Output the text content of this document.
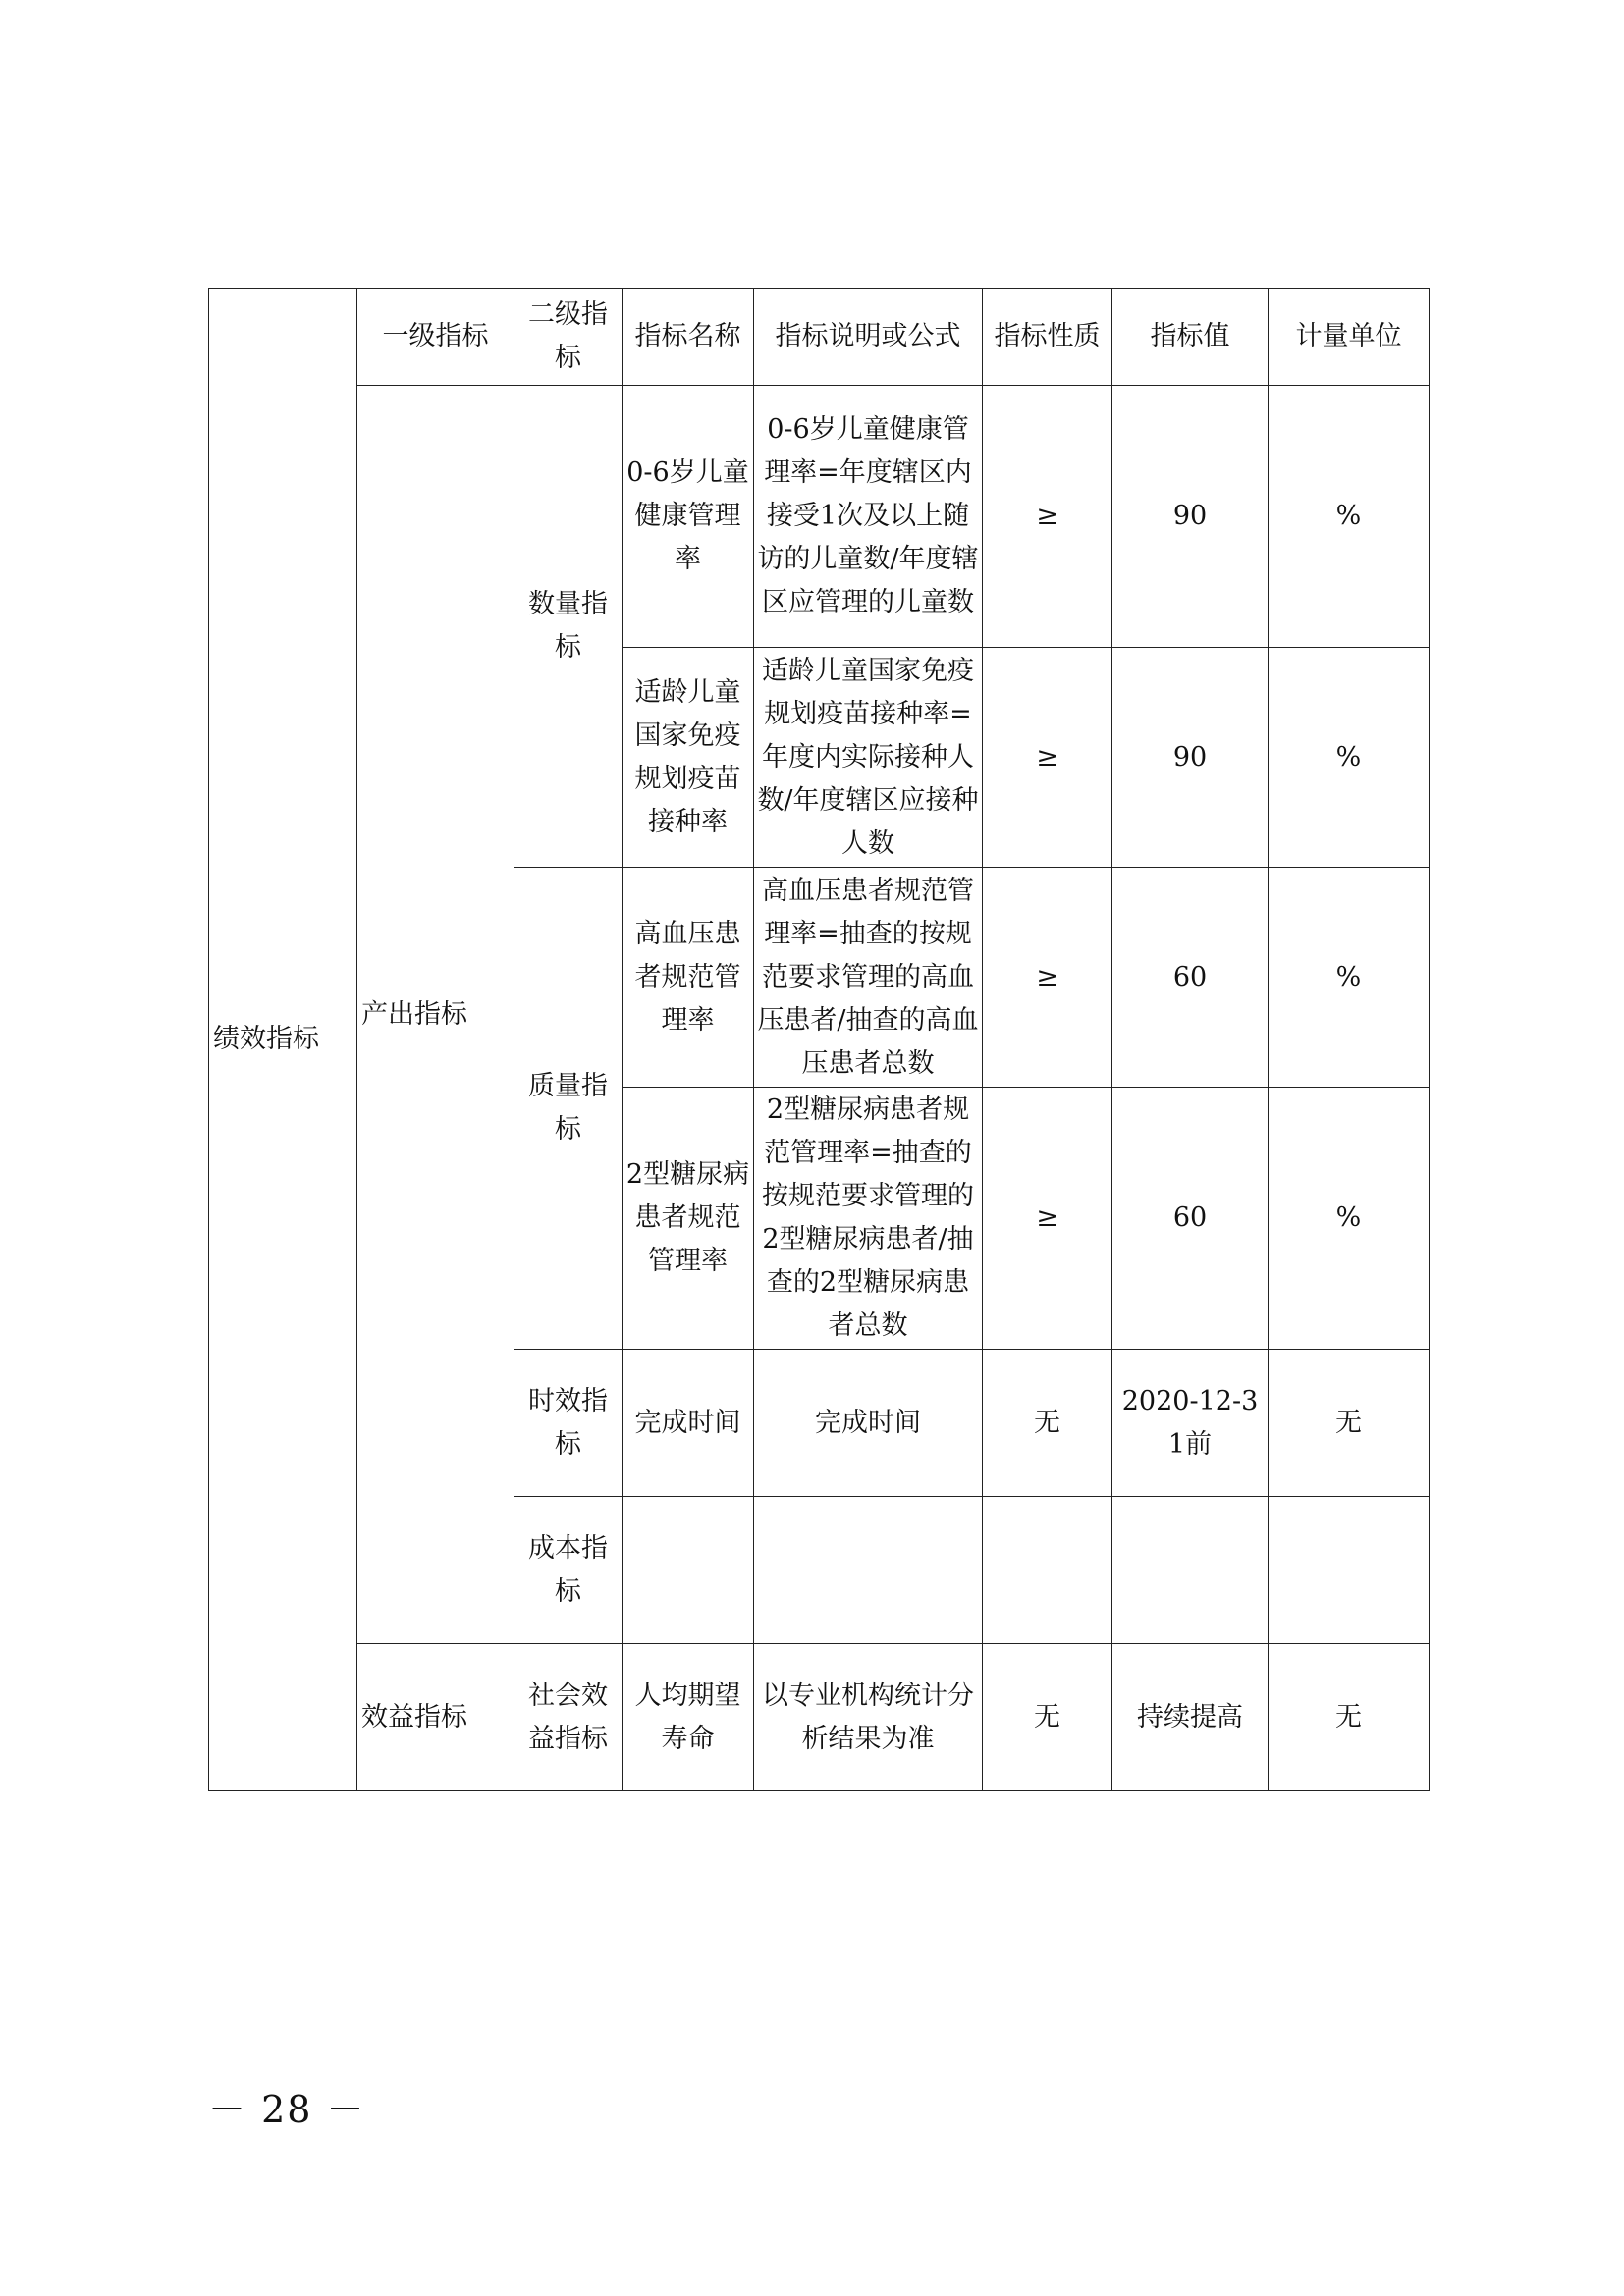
绩效指标	一级指标	二级指标	指标名称	指标说明或公式	指标性质	指标值	计量单位
	产出指标	数量指标	0-6岁儿童健康管理率	0-6岁儿童健康管理率=年度辖区内接受1次及以上随访的儿童数/年度辖区应管理的儿童数	≥	90	%
			适龄儿童国家免疫规划疫苗接种率	适龄儿童国家免疫规划疫苗接种率=年度内实际接种人数/年度辖区应接种人数	≥	90	%
		质量指标	高血压患者规范管理率	高血压患者规范管理率=抽查的按规范要求管理的高血压患者/抽查的高血压患者总数	≥	60	%
			2型糖尿病患者规范管理率	2型糖尿病患者规范管理率=抽查的按规范要求管理的2型糖尿病患者/抽查的2型糖尿病患者总数	≥	60	%
		时效指标	完成时间	完成时间	无	2020-12-31前	无
		成本指标					
	效益指标	社会效益指标	人均期望寿命	以专业机构统计分析结果为准	无	持续提高	无
－ 28 －
